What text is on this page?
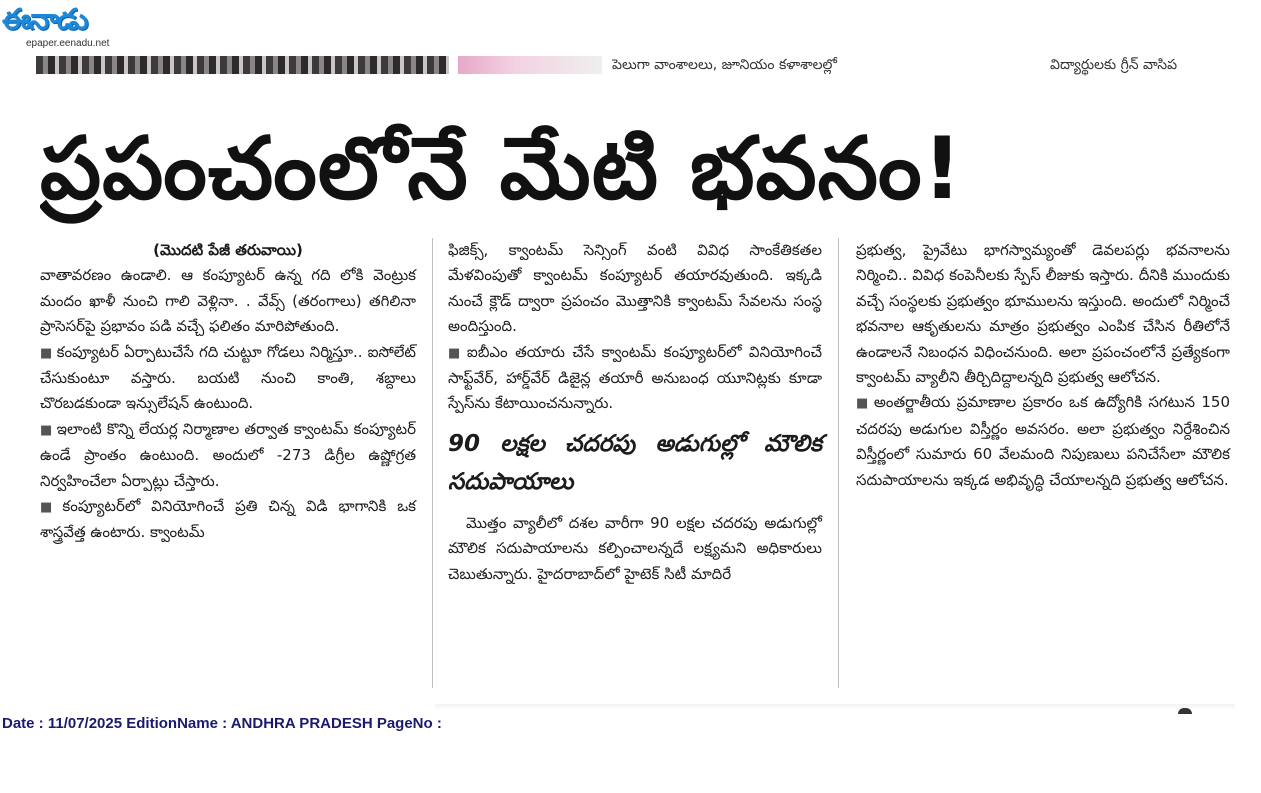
ఈనాడు
epaper.eenadu.net
పెలుగా వాంశాలలు, జూనియం కళాశాలల్లో	విద్యార్థులకు గ్రీన్ వాసిప
ప్రపంచంలోనే మేటి భవనం!
(మొదటి పేజీ తరువాయి)

వాతావరణం ఉండాలి. ఆ కంప్యూటర్ ఉన్న గది లోకి వెంట్రుక మందం ఖాళీ నుంచి గాలి వెళ్లినా. . వేవ్స్ (తరంగాలు) తగిలినా ప్రాసెసర్‌పై ప్రభావం పడి వచ్చే ఫలితం మారిపోతుంది.

■ కంప్యూటర్ ఏర్పాటుచేసే గది చుట్టూ గోడలు నిర్మిస్తూ.. ఐసోలేట్ చేసుకుంటూ వస్తారు. బయటి నుంచి కాంతి, శబ్దాలు చొరబడకుండా ఇన్సులేషన్ ఉంటుంది.

■ ఇలాంటి కొన్ని లేయర్ల నిర్మాణాల తర్వాత క్వాంటమ్ కంప్యూటర్ ఉండే ప్రాంతం ఉంటుంది. అందులో -273 డిగ్రీల ఉష్ణోగ్రత నిర్వహించేలా ఏర్పాట్లు చేస్తారు.

■ కంప్యూటర్‌లో వినియోగించే ప్రతి చిన్న విడి భాగానికి ఒక శాస్త్రవేత్త ఉంటారు. క్వాంటమ్

ఫిజిక్స్, క్వాంటమ్ సెన్సింగ్ వంటి వివిధ సాంకేతికతల మేళవింపుతో క్వాంటమ్ కంప్యూటర్ తయారవుతుంది. ఇక్కడి నుంచే క్లౌడ్ ద్వారా ప్రపంచం మొత్తానికి క్వాంటమ్ సేవలను సంస్థ అందిస్తుంది.

■ ఐబీఎం తయారు చేసే క్వాంటమ్ కంప్యూటర్‌లో వినియోగించే సాఫ్ట్‌వేర్, హార్డ్‌వేర్ డిజైన్ల తయారీ అనుబంధ యూనిట్లకు కూడా స్పేస్‌ను కేటాయించనున్నారు.

90 లక్షల చదరపు అడుగుల్లో మౌలిక సదుపాయాలు

మొత్తం వ్యాలీలో దశల వారీగా 90 లక్షల చదరపు అడుగుల్లో మౌలిక సదుపాయాలను కల్పించాలన్నదే లక్ష్యమని అధికారులు చెబుతున్నారు. హైదరాబాద్‌లో హైటెక్ సిటీ మాదిరే

ప్రభుత్వ, ప్రైవేటు భాగస్వామ్యంతో డెవలపర్లు భవనాలను నిర్మించి.. వివిధ కంపెనీలకు స్పేస్ లీజుకు ఇస్తారు. దీనికి ముందుకు వచ్చే సంస్థలకు ప్రభుత్వం భూములను ఇస్తుంది. అందులో నిర్మించే భవనాల ఆకృతులను మాత్రం ప్రభుత్వం ఎంపిక చేసిన రీతిలోనే ఉండాలనే నిబంధన విధించనుంది. అలా ప్రపంచంలోనే ప్రత్యేకంగా క్వాంటమ్ వ్యాలీని తీర్చిదిద్దాలన్నది ప్రభుత్వ ఆలోచన.

■ అంతర్జాతీయ ప్రమాణాల ప్రకారం ఒక ఉద్యోగికి సగటున 150 చదరపు అడుగుల విస్తీర్ణం అవసరం. అలా ప్రభుత్వం నిర్దేశించిన విస్తీర్ణంలో సుమారు 60 వేలమంది నిపుణులు పనిచేసేలా మౌలిక సదుపాయాలను ఇక్కడ అభివృద్ధి చేయాలన్నది ప్రభుత్వ ఆలోచన.

Date : 11/07/2025 EditionName : ANDHRA PRADESH PageNo :
